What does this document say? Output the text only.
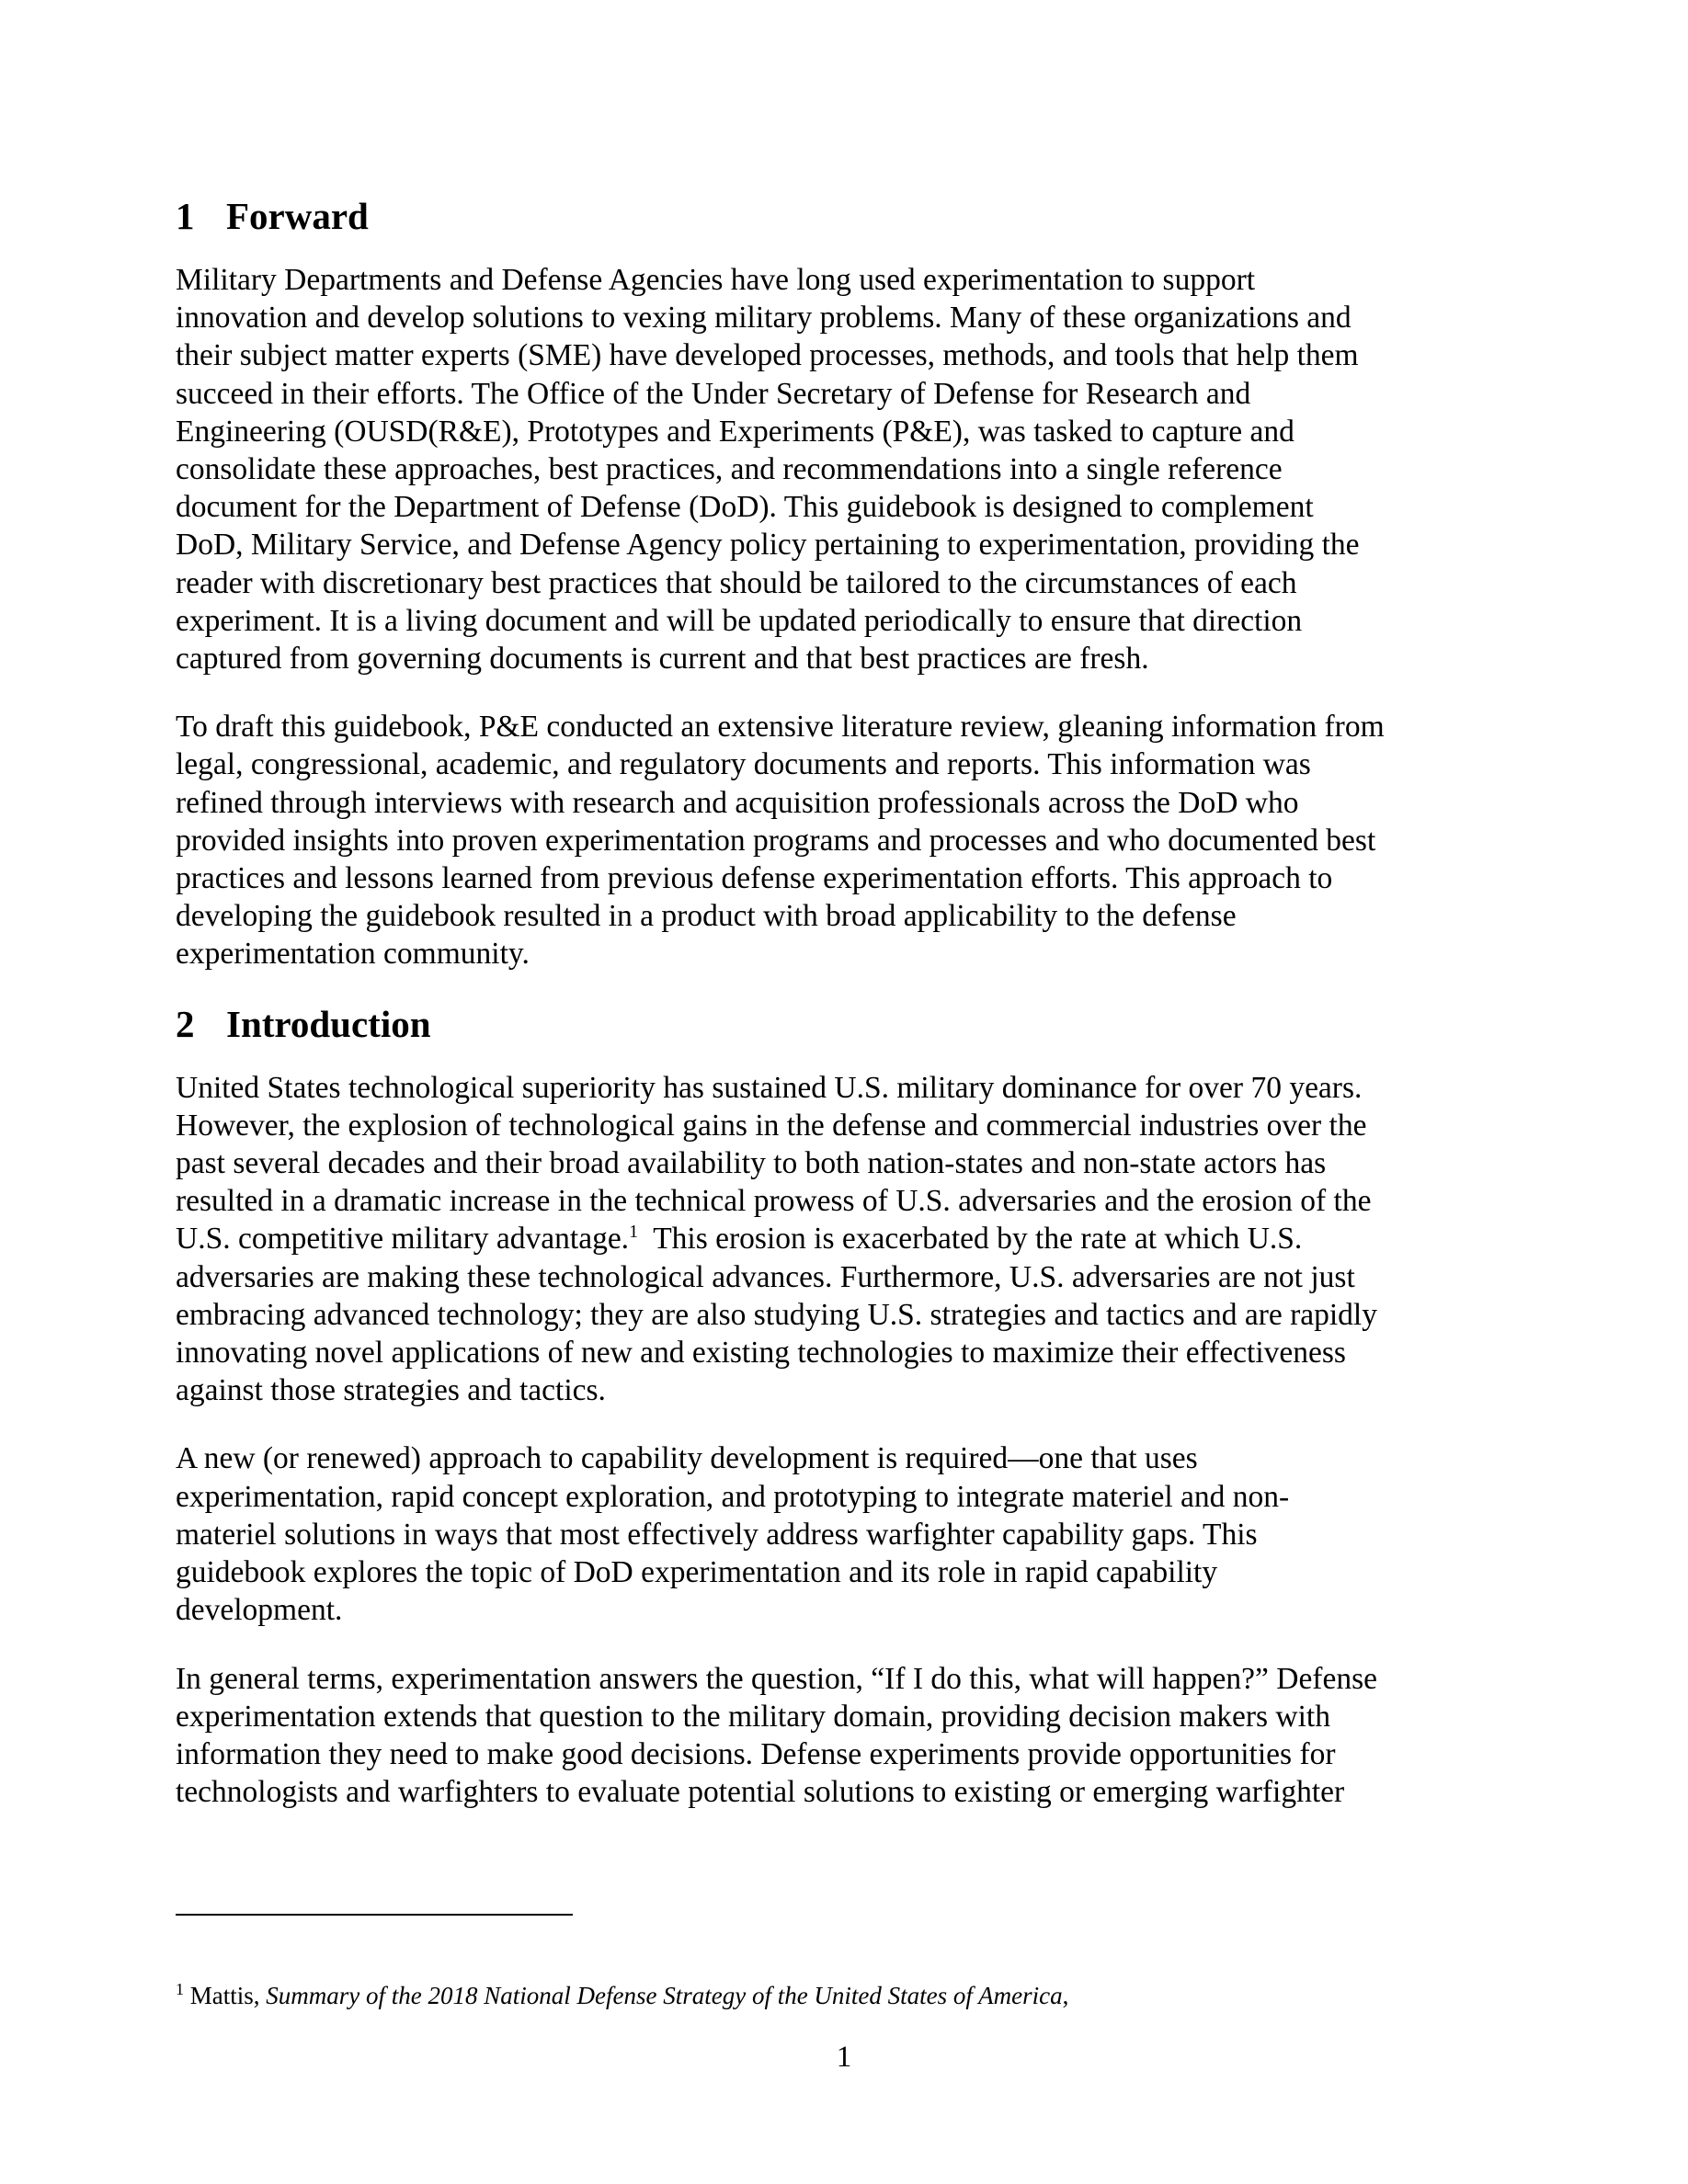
1 Forward

Military Departments and Defense Agencies have long used experimentation to support
innovation and develop solutions to vexing military problems. Many of these organizations and
their subject matter experts (SME) have developed processes, methods, and tools that help them
succeed in their efforts. The Office of the Under Secretary of Defense for Research and
Engineering (OUSD(R&E), Prototypes and Experiments (P&E), was tasked to capture and
consolidate these approaches, best practices, and recommendations into a single reference
document for the Department of Defense (DoD). This guidebook is designed to complement
DoD, Military Service, and Defense Agency policy pertaining to experimentation, providing the
reader with discretionary best practices that should be tailored to the circumstances of each
experiment. It is a living document and will be updated periodically to ensure that direction
captured from governing documents is current and that best practices are fresh.

To draft this guidebook, P&E conducted an extensive literature review, gleaning information from
legal, congressional, academic, and regulatory documents and reports. This information was
refined through interviews with research and acquisition professionals across the DoD who
provided insights into proven experimentation programs and processes and who documented best
practices and lessons learned from previous defense experimentation efforts. This approach to
developing the guidebook resulted in a product with broad applicability to the defense
experimentation community.

2 Introduction

United States technological superiority has sustained U.S. military dominance for over 70 years.
However, the explosion of technological gains in the defense and commercial industries over the
past several decades and their broad availability to both nation-states and non-state actors has
resulted in a dramatic increase in the technical prowess of U.S. adversaries and the erosion of the
U.S. competitive military advantage.$^1$  This erosion is exacerbated by the rate at which U.S.
adversaries are making these technological advances. Furthermore, U.S. adversaries are not just
embracing advanced technology; they are also studying U.S. strategies and tactics and are rapidly
innovating novel applications of new and existing technologies to maximize their effectiveness
against those strategies and tactics.

A new (or renewed) approach to capability development is required—one that uses
experimentation, rapid concept exploration, and prototyping to integrate materiel and non-
materiel solutions in ways that most effectively address warfighter capability gaps. This
guidebook explores the topic of DoD experimentation and its role in rapid capability
development.

In general terms, experimentation answers the question, “If I do this, what will happen?” Defense
experimentation extends that question to the military domain, providing decision makers with
information they need to make good decisions. Defense experiments provide opportunities for
technologists and warfighters to evaluate potential solutions to existing or emerging warfighter

$^1$ Mattis, Summary of the 2018 National Defense Strategy of the United States of America,
1
